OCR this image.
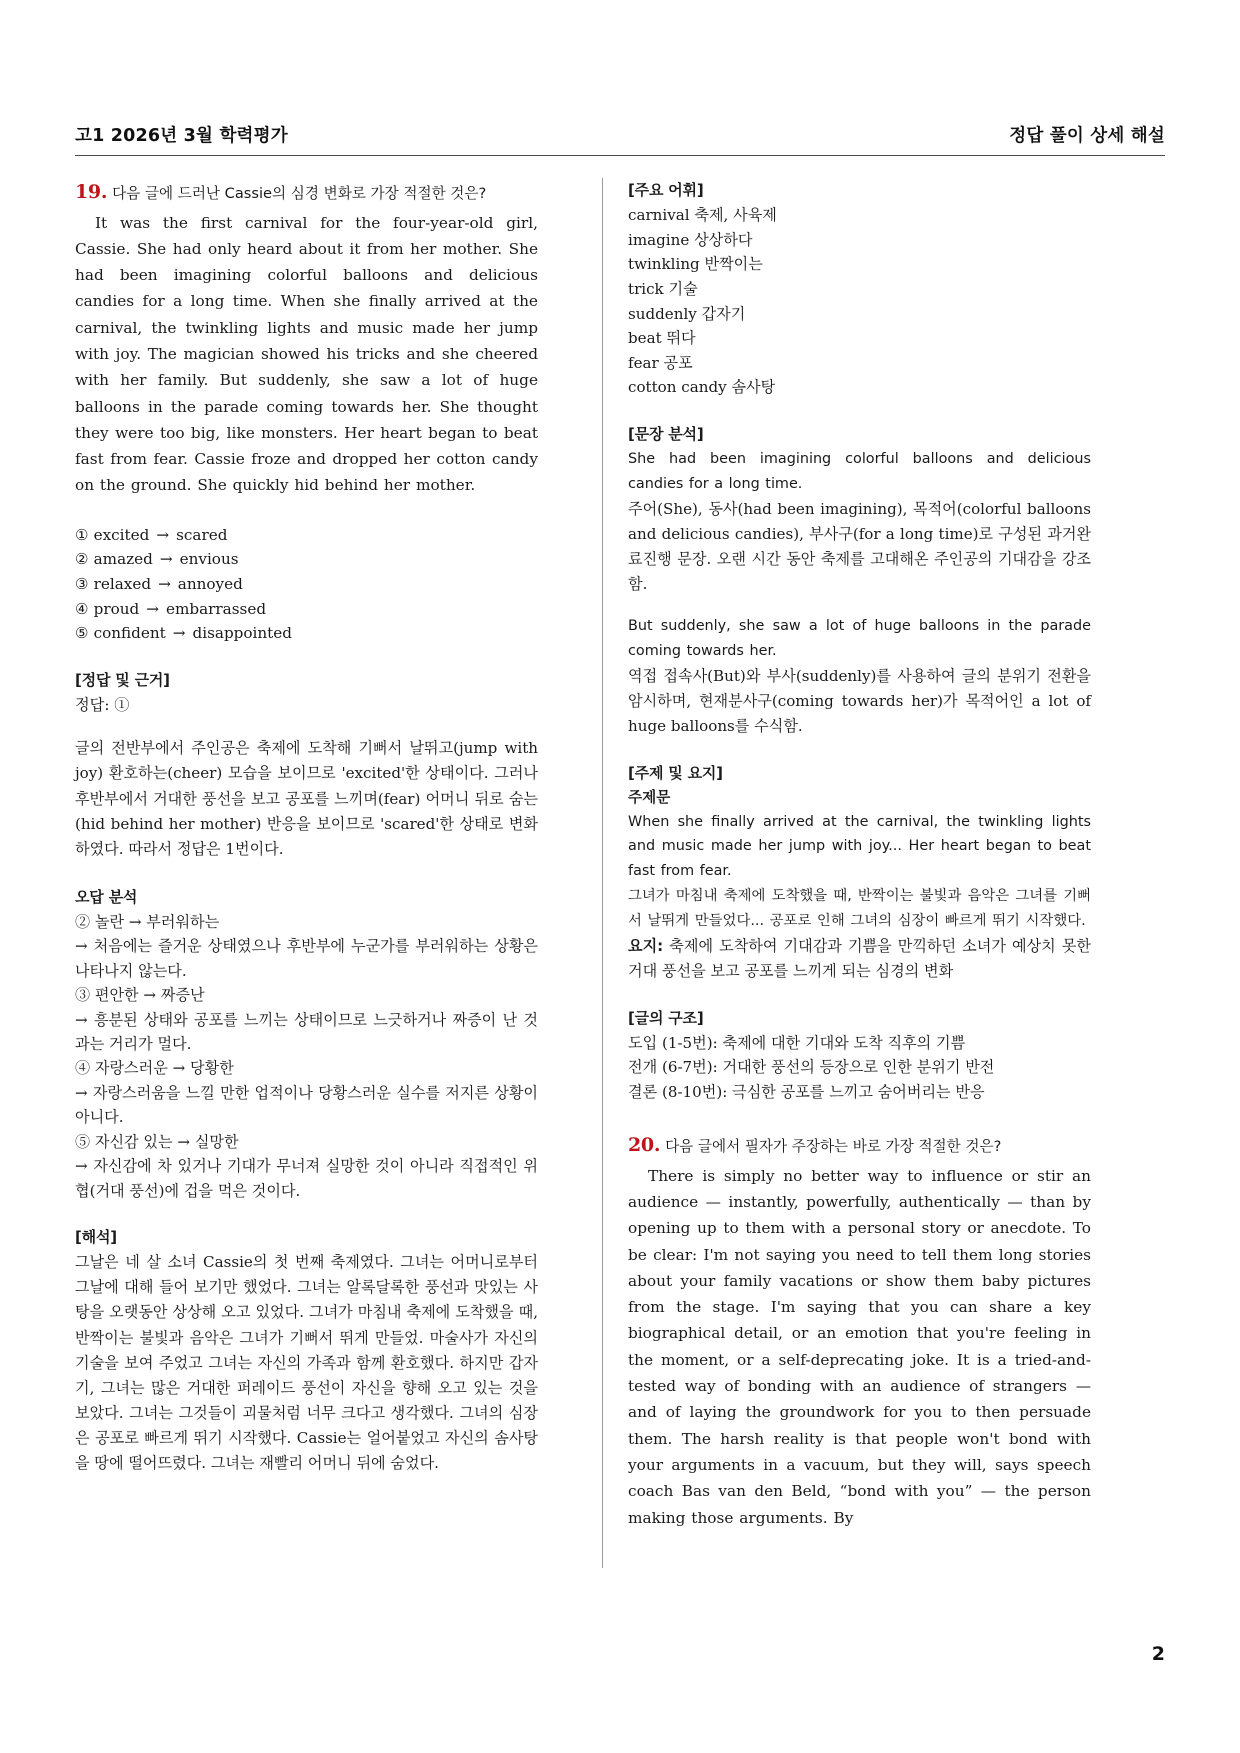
고1 2026년 3월 학력평가	정답 풀이 상세 해설
19. 다음 글에 드러난 Cassie의 심경 변화로 가장 적절한 것은?
It was the first carnival for the four-year-old girl, Cassie. She had only heard about it from her mother. She had been imagining colorful balloons and delicious candies for a long time. When she finally arrived at the carnival, the twinkling lights and music made her jump with joy. The magician showed his tricks and she cheered with her family. But suddenly, she saw a lot of huge balloons in the parade coming towards her. She thought they were too big, like monsters. Her heart began to beat fast from fear. Cassie froze and dropped her cotton candy on the ground. She quickly hid behind her mother.
① excited → scared
② amazed → envious
③ relaxed → annoyed
④ proud → embarrassed
⑤ confident → disappointed
[정답 및 근거]
정답: ①
글의 전반부에서 주인공은 축제에 도착해 기뻐서 날뛰고(jump with joy) 환호하는(cheer) 모습을 보이므로 'excited'한 상태이다. 그러나 후반부에서 거대한 풍선을 보고 공포를 느끼며(fear) 어머니 뒤로 숨는(hid behind her mother) 반응을 보이므로 'scared'한 상태로 변화하였다. 따라서 정답은 1번이다.
오답 분석
② 놀란 → 부러워하는
→ 처음에는 즐거운 상태였으나 후반부에 누군가를 부러워하는 상황은 나타나지 않는다.
③ 편안한 → 짜증난
→ 흥분된 상태와 공포를 느끼는 상태이므로 느긋하거나 짜증이 난 것과는 거리가 멀다.
④ 자랑스러운 → 당황한
→ 자랑스러움을 느낄 만한 업적이나 당황스러운 실수를 저지른 상황이 아니다.
⑤ 자신감 있는 → 실망한
→ 자신감에 차 있거나 기대가 무너져 실망한 것이 아니라 직접적인 위협(거대 풍선)에 겁을 먹은 것이다.
[해석]
그날은 네 살 소녀 Cassie의 첫 번째 축제였다. 그녀는 어머니로부터 그날에 대해 들어 보기만 했었다. 그녀는 알록달록한 풍선과 맛있는 사탕을 오랫동안 상상해 오고 있었다. 그녀가 마침내 축제에 도착했을 때, 반짝이는 불빛과 음악은 그녀가 기뻐서 뛰게 만들었. 마술사가 자신의 기술을 보여 주었고 그녀는 자신의 가족과 함께 환호했다. 하지만 갑자기, 그녀는 많은 거대한 퍼레이드 풍선이 자신을 향해 오고 있는 것을 보았다. 그녀는 그것들이 괴물처럼 너무 크다고 생각했다. 그녀의 심장은 공포로 빠르게 뛰기 시작했다. Cassie는 얼어붙었고 자신의 솜사탕을 땅에 떨어뜨렸다. 그녀는 재빨리 어머니 뒤에 숨었다.
[주요 어휘]
carnival 축제, 사육제
imagine 상상하다
twinkling 반짝이는
trick 기술
suddenly 갑자기
beat 뛰다
fear 공포
cotton candy 솜사탕
[문장 분석]
She had been imagining colorful balloons and delicious candies for a long time.
주어(She), 동사(had been imagining), 목적어(colorful balloons and delicious candies), 부사구(for a long time)로 구성된 과거완료진행 문장. 오랜 시간 동안 축제를 고대해온 주인공의 기대감을 강조함.
But suddenly, she saw a lot of huge balloons in the parade coming towards her.
역접 접속사(But)와 부사(suddenly)를 사용하여 글의 분위기 전환을 암시하며, 현재분사구(coming towards her)가 목적어인 a lot of huge balloons를 수식함.
[주제 및 요지]
주제문
When she finally arrived at the carnival, the twinkling lights and music made her jump with joy... Her heart began to beat fast from fear.
그녀가 마침내 축제에 도착했을 때, 반짝이는 불빛과 음악은 그녀를 기뻐서 날뛰게 만들었다... 공포로 인해 그녀의 심장이 빠르게 뛰기 시작했다.
요지: 축제에 도착하여 기대감과 기쁨을 만끽하던 소녀가 예상치 못한 거대 풍선을 보고 공포를 느끼게 되는 심경의 변화
[글의 구조]
도입 (1-5번): 축제에 대한 기대와 도착 직후의 기쁨
전개 (6-7번): 거대한 풍선의 등장으로 인한 분위기 반전
결론 (8-10번): 극심한 공포를 느끼고 숨어버리는 반응
20. 다음 글에서 필자가 주장하는 바로 가장 적절한 것은?
There is simply no better way to influence or stir an audience — instantly, powerfully, authentically — than by opening up to them with a personal story or anecdote. To be clear: I'm not saying you need to tell them long stories about your family vacations or show them baby pictures from the stage. I'm saying that you can share a key biographical detail, or an emotion that you're feeling in the moment, or a self-deprecating joke. It is a tried-and-tested way of bonding with an audience of strangers — and of laying the groundwork for you to then persuade them. The harsh reality is that people won't bond with your arguments in a vacuum, but they will, says speech coach Bas van den Beld, “bond with you” — the person making those arguments. By
2
